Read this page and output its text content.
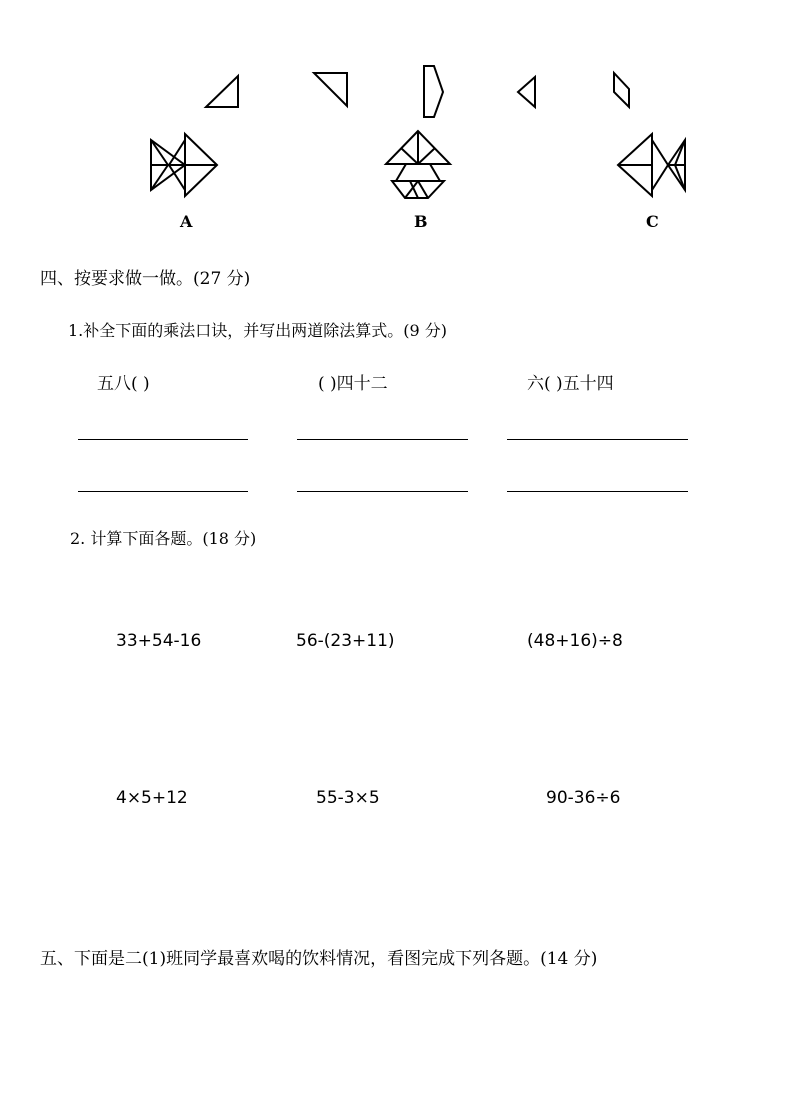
A	B	C
四、按要求做一做。(27 分)
1.补全下面的乘法口诀，并写出两道除法算式。(9 分)
五八( )	( )四十二	六( )五十四
2. 计算下面各题。(18 分)
33+54-16	56-(23+11)	(48+16)÷8
4×5+12	55-3×5	90-36÷6
五、下面是二(1)班同学最喜欢喝的饮料情况，看图完成下列各题。(14 分)
